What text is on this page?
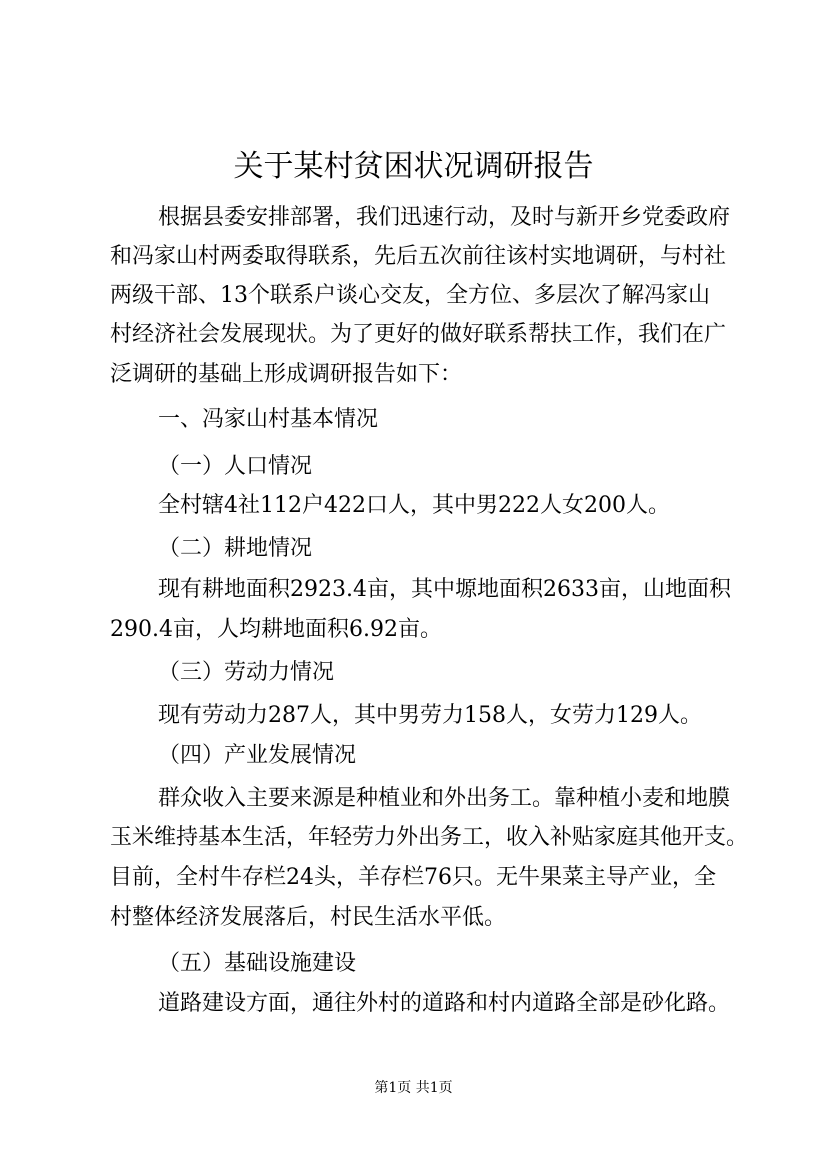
关于某村贫困状况调研报告
根据县委安排部署，我们迅速行动，及时与新开乡党委政府
和冯家山村两委取得联系，先后五次前往该村实地调研，与村社
两级干部、13个联系户谈心交友，全方位、多层次了解冯家山
村经济社会发展现状。为了更好的做好联系帮扶工作，我们在广
泛调研的基础上形成调研报告如下：
一、冯家山村基本情况
（一）人口情况
全村辖4社112户422口人，其中男222人女200人。
（二）耕地情况
现有耕地面积2923.4亩，其中塬地面积2633亩，山地面积
290.4亩，人均耕地面积6.92亩。
（三）劳动力情况
现有劳动力287人，其中男劳力158人，女劳力129人。
（四）产业发展情况
群众收入主要来源是种植业和外出务工。靠种植小麦和地膜
玉米维持基本生活，年轻劳力外出务工，收入补贴家庭其他开支。
目前，全村牛存栏24头，羊存栏76只。无牛果菜主导产业，全
村整体经济发展落后，村民生活水平低。
（五）基础设施建设
道路建设方面，通往外村的道路和村内道路全部是砂化路。
第1页 共1页
